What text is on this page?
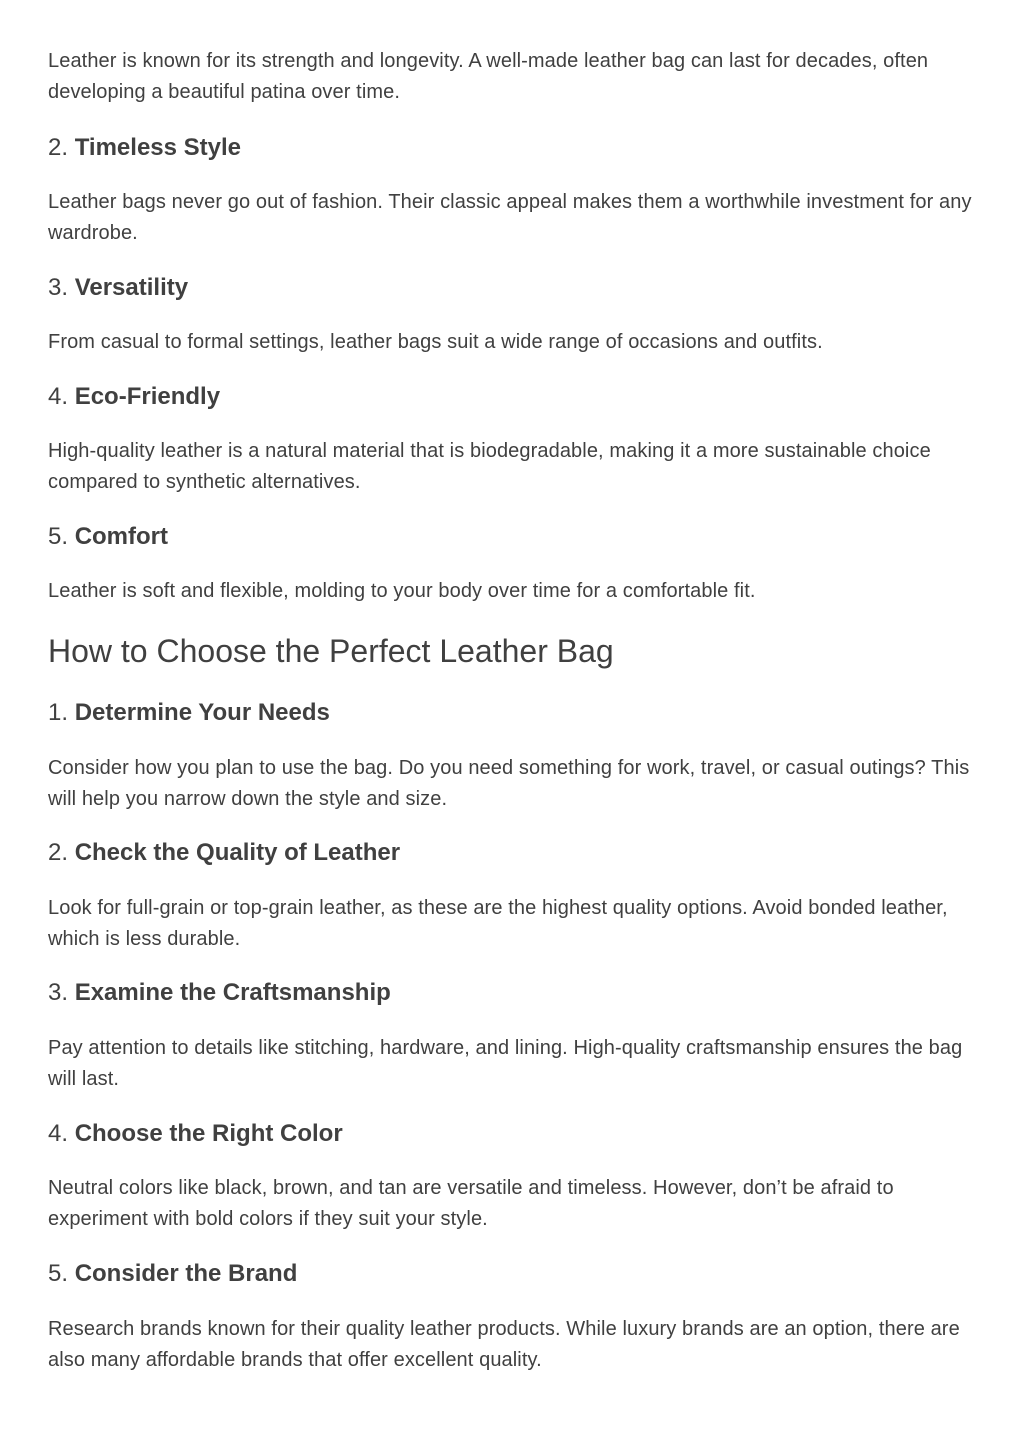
Leather is known for its strength and longevity. A well-made leather bag can last for decades, often developing a beautiful patina over time.

2. Timeless Style

Leather bags never go out of fashion. Their classic appeal makes them a worthwhile investment for any wardrobe.

3. Versatility

From casual to formal settings, leather bags suit a wide range of occasions and outfits.

4. Eco-Friendly

High-quality leather is a natural material that is biodegradable, making it a more sustainable choice compared to synthetic alternatives.

5. Comfort

Leather is soft and flexible, molding to your body over time for a comfortable fit.

How to Choose the Perfect Leather Bag
1. Determine Your Needs

Consider how you plan to use the bag. Do you need something for work, travel, or casual outings? This will help you narrow down the style and size.

2. Check the Quality of Leather

Look for full-grain or top-grain leather, as these are the highest quality options. Avoid bonded leather, which is less durable.

3. Examine the Craftsmanship

Pay attention to details like stitching, hardware, and lining. High-quality craftsmanship ensures the bag will last.

4. Choose the Right Color

Neutral colors like black, brown, and tan are versatile and timeless. However, don’t be afraid to experiment with bold colors if they suit your style.

5. Consider the Brand

Research brands known for their quality leather products. While luxury brands are an option, there are also many affordable brands that offer excellent quality.
